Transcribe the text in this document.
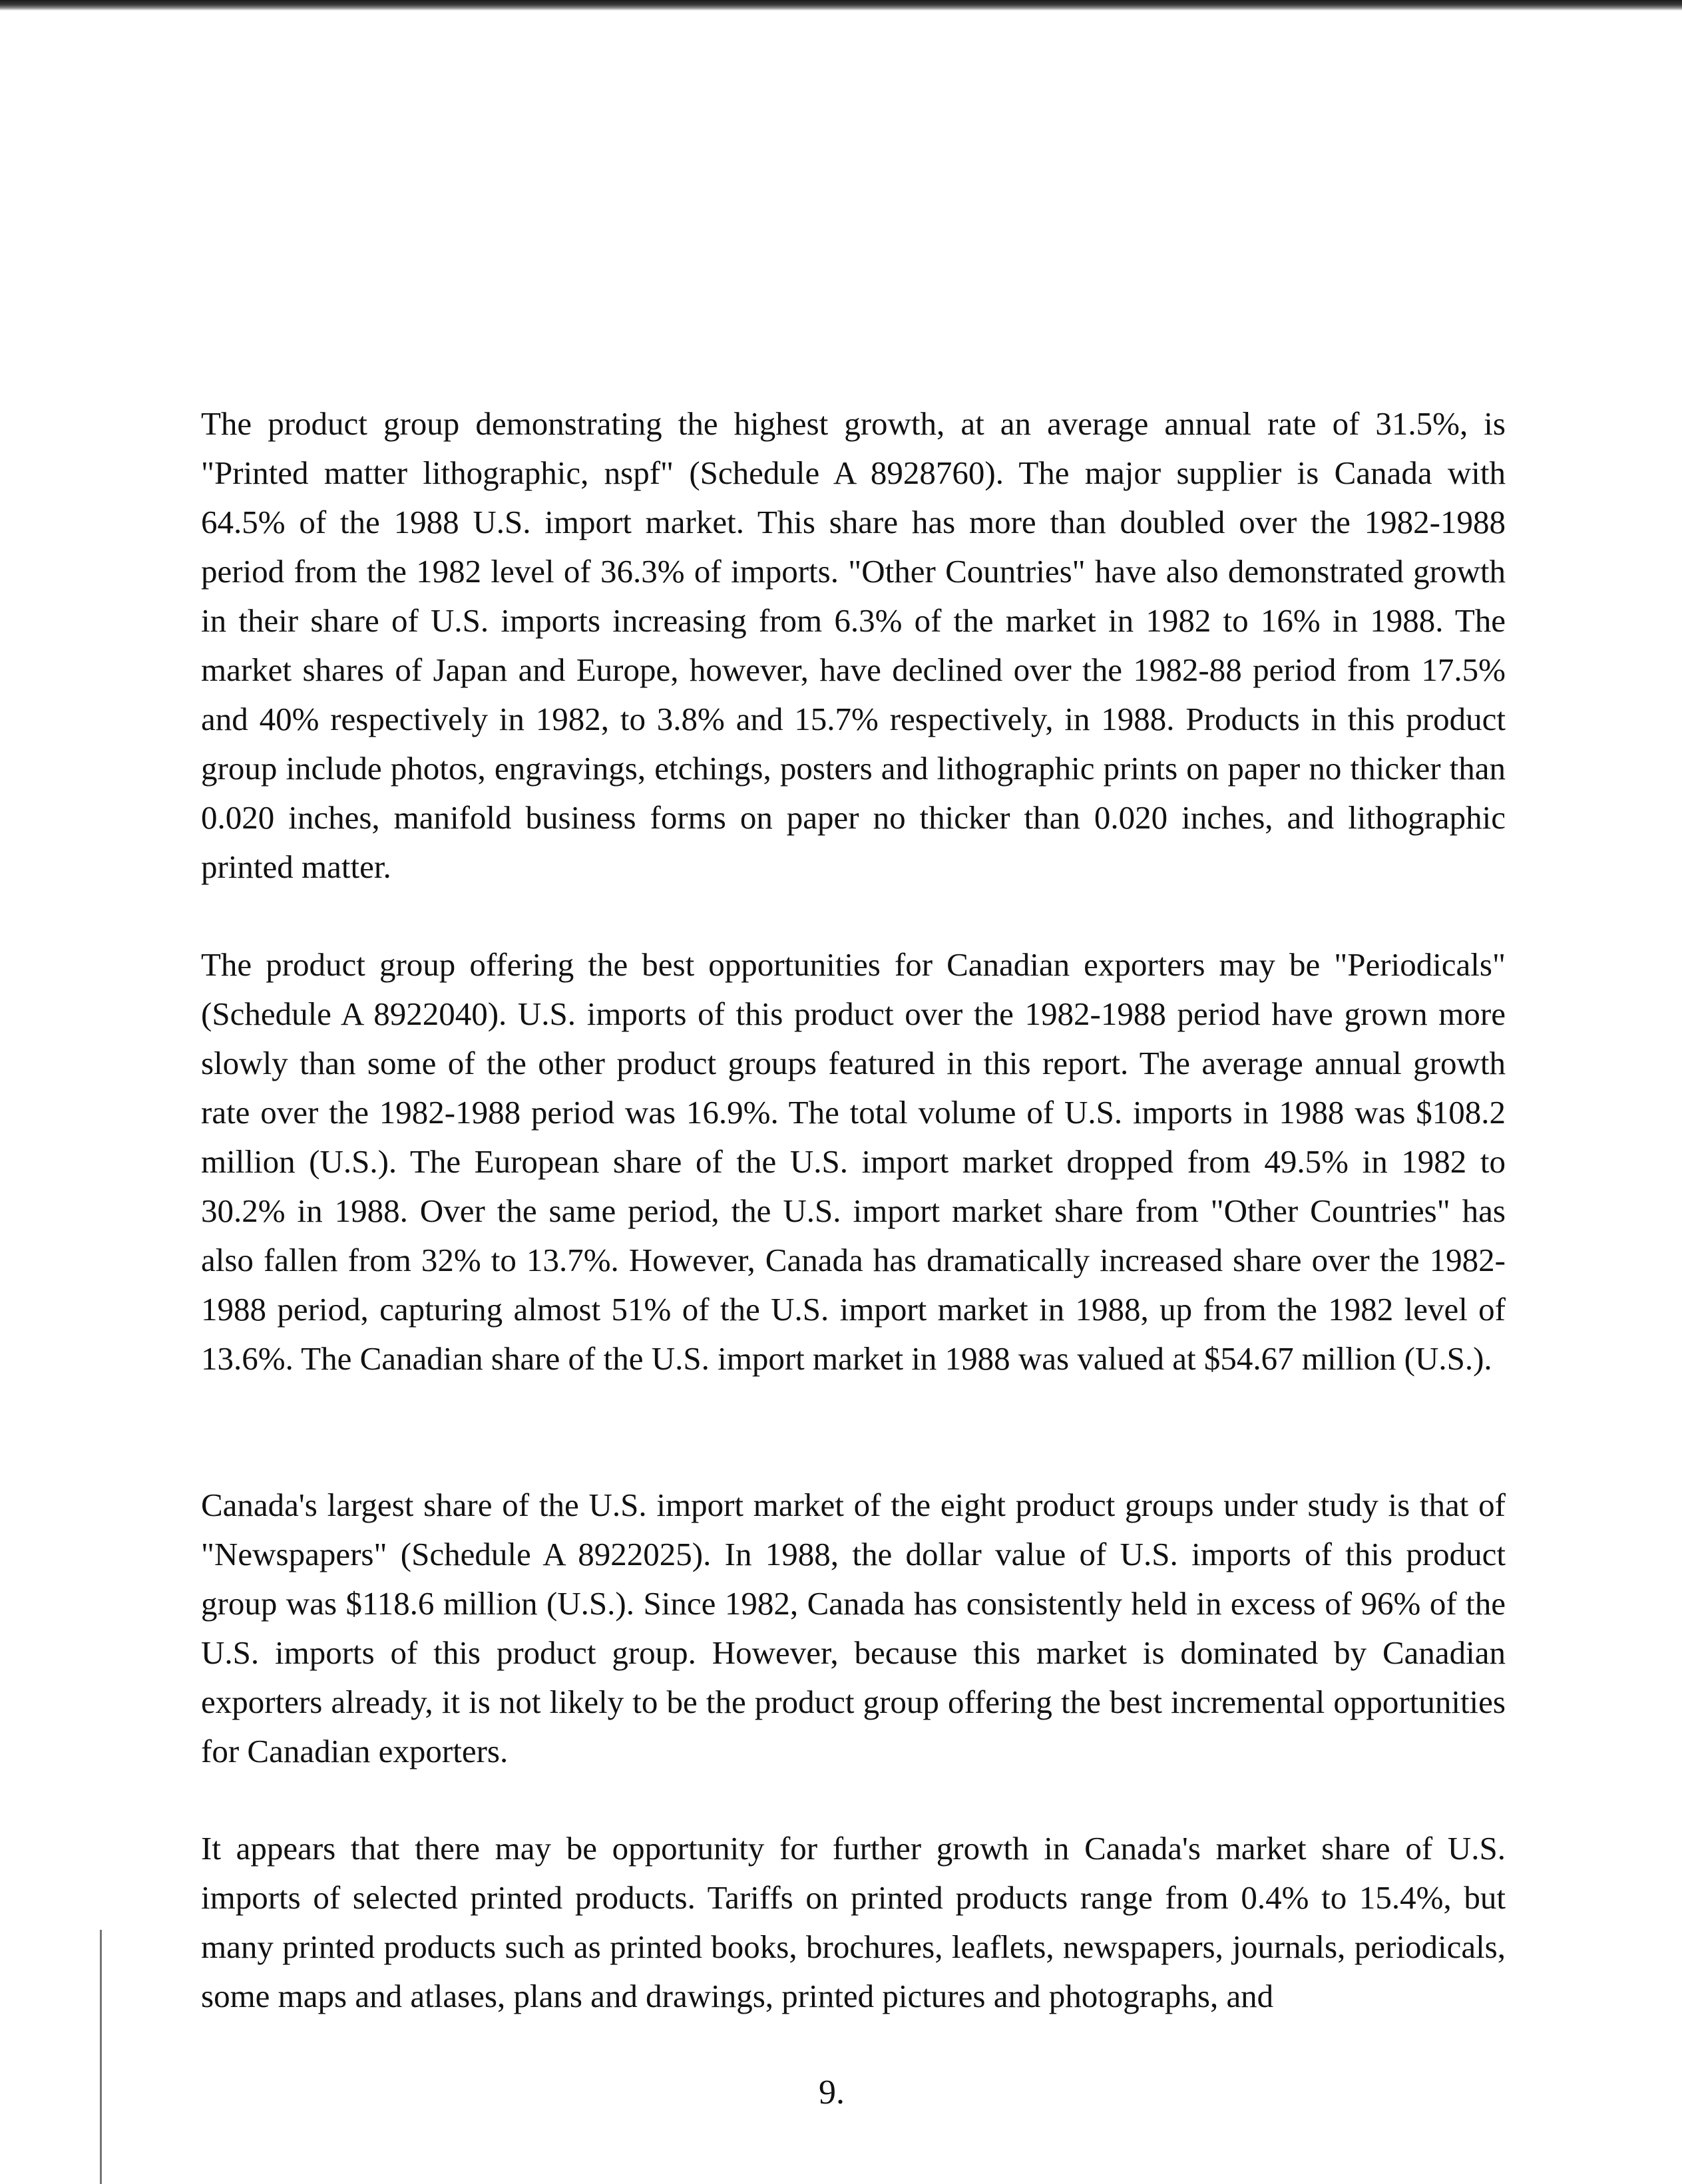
The product group demonstrating the highest growth, at an average annual rate of 31.5%, is "Printed matter lithographic, nspf" (Schedule A 8928760). The major supplier is Canada with 64.5% of the 1988 U.S. import market. This share has more than doubled over the 1982-1988 period from the 1982 level of 36.3% of imports. "Other Countries" have also demonstrated growth in their share of U.S. imports increasing from 6.3% of the market in 1982 to 16% in 1988. The market shares of Japan and Europe, however, have declined over the 1982-88 period from 17.5% and 40% respectively in 1982, to 3.8% and 15.7% respectively, in 1988. Products in this product group include photos, engravings, etchings, posters and lithographic prints on paper no thicker than 0.020 inches, manifold business forms on paper no thicker than 0.020 inches, and lithographic printed matter.

The product group offering the best opportunities for Canadian exporters may be "Periodicals" (Schedule A 8922040). U.S. imports of this product over the 1982-1988 period have grown more slowly than some of the other product groups featured in this report. The average annual growth rate over the 1982-1988 period was 16.9%. The total volume of U.S. imports in 1988 was $108.2 million (U.S.). The European share of the U.S. import market dropped from 49.5% in 1982 to 30.2% in 1988. Over the same period, the U.S. import market share from "Other Countries" has also fallen from 32% to 13.7%. However, Canada has dramatically increased share over the 1982-1988 period, capturing almost 51% of the U.S. import market in 1988, up from the 1982 level of 13.6%. The Canadian share of the U.S. import market in 1988 was valued at $54.67 million (U.S.).

Canada's largest share of the U.S. import market of the eight product groups under study is that of "Newspapers" (Schedule A 8922025). In 1988, the dollar value of U.S. imports of this product group was $118.6 million (U.S.). Since 1982, Canada has consistently held in excess of 96% of the U.S. imports of this product group. However, because this market is dominated by Canadian exporters already, it is not likely to be the product group offering the best incremental opportunities for Canadian exporters.

It appears that there may be opportunity for further growth in Canada's market share of U.S. imports of selected printed products. Tariffs on printed products range from 0.4% to 15.4%, but many printed products such as printed books, brochures, leaflets, newspapers, journals, periodicals, some maps and atlases, plans and drawings, printed pictures and photographs, and

9.
